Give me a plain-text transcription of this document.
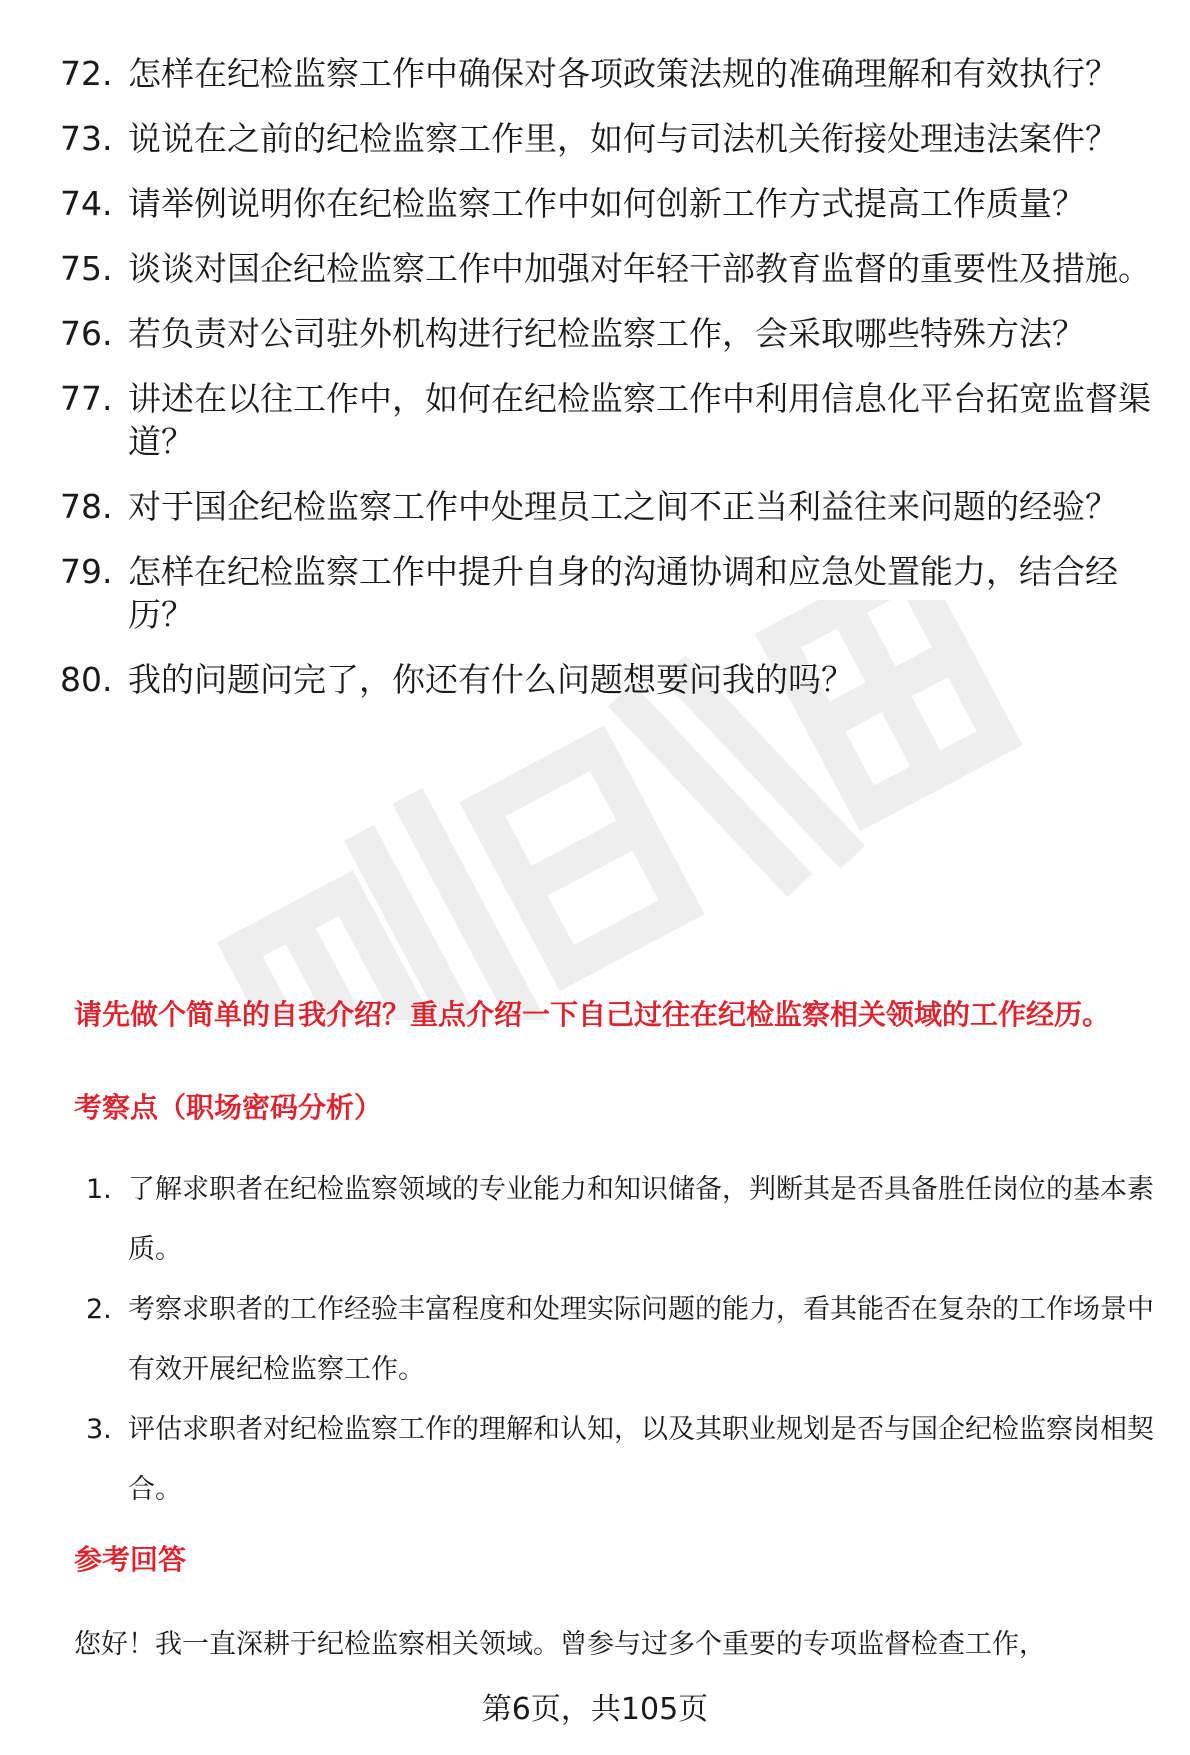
72. 怎样在纪检监察工作中确保对各项政策法规的准确理解和有效执行？
73. 说说在之前的纪检监察工作里，如何与司法机关衔接处理违法案件？
74. 请举例说明你在纪检监察工作中如何创新工作方式提高工作质量？
75. 谈谈对国企纪检监察工作中加强对年轻干部教育监督的重要性及措施。
76. 若负责对公司驻外机构进行纪检监察工作，会采取哪些特殊方法？
77. 讲述在以往工作中，如何在纪检监察工作中利用信息化平台拓宽监督渠道？
78. 对于国企纪检监察工作中处理员工之间不正当利益往来问题的经验？
79. 怎样在纪检监察工作中提升自身的沟通协调和应急处置能力，结合经历？
80. 我的问题问完了，你还有什么问题想要问我的吗？

请先做个简单的自我介绍？重点介绍一下自己过往在纪检监察相关领域的工作经历。

考察点（职场密码分析）

1. 了解求职者在纪检监察领域的专业能力和知识储备，判断其是否具备胜任岗位的基本素质。
2. 考察求职者的工作经验丰富程度和处理实际问题的能力，看其能否在复杂的工作场景中有效开展纪检监察工作。
3. 评估求职者对纪检监察工作的理解和认知，以及其职业规划是否与国企纪检监察岗相契合。

参考回答

您好！我一直深耕于纪检监察相关领域。曾参与过多个重要的专项监督检查工作，

第6页，共105页
